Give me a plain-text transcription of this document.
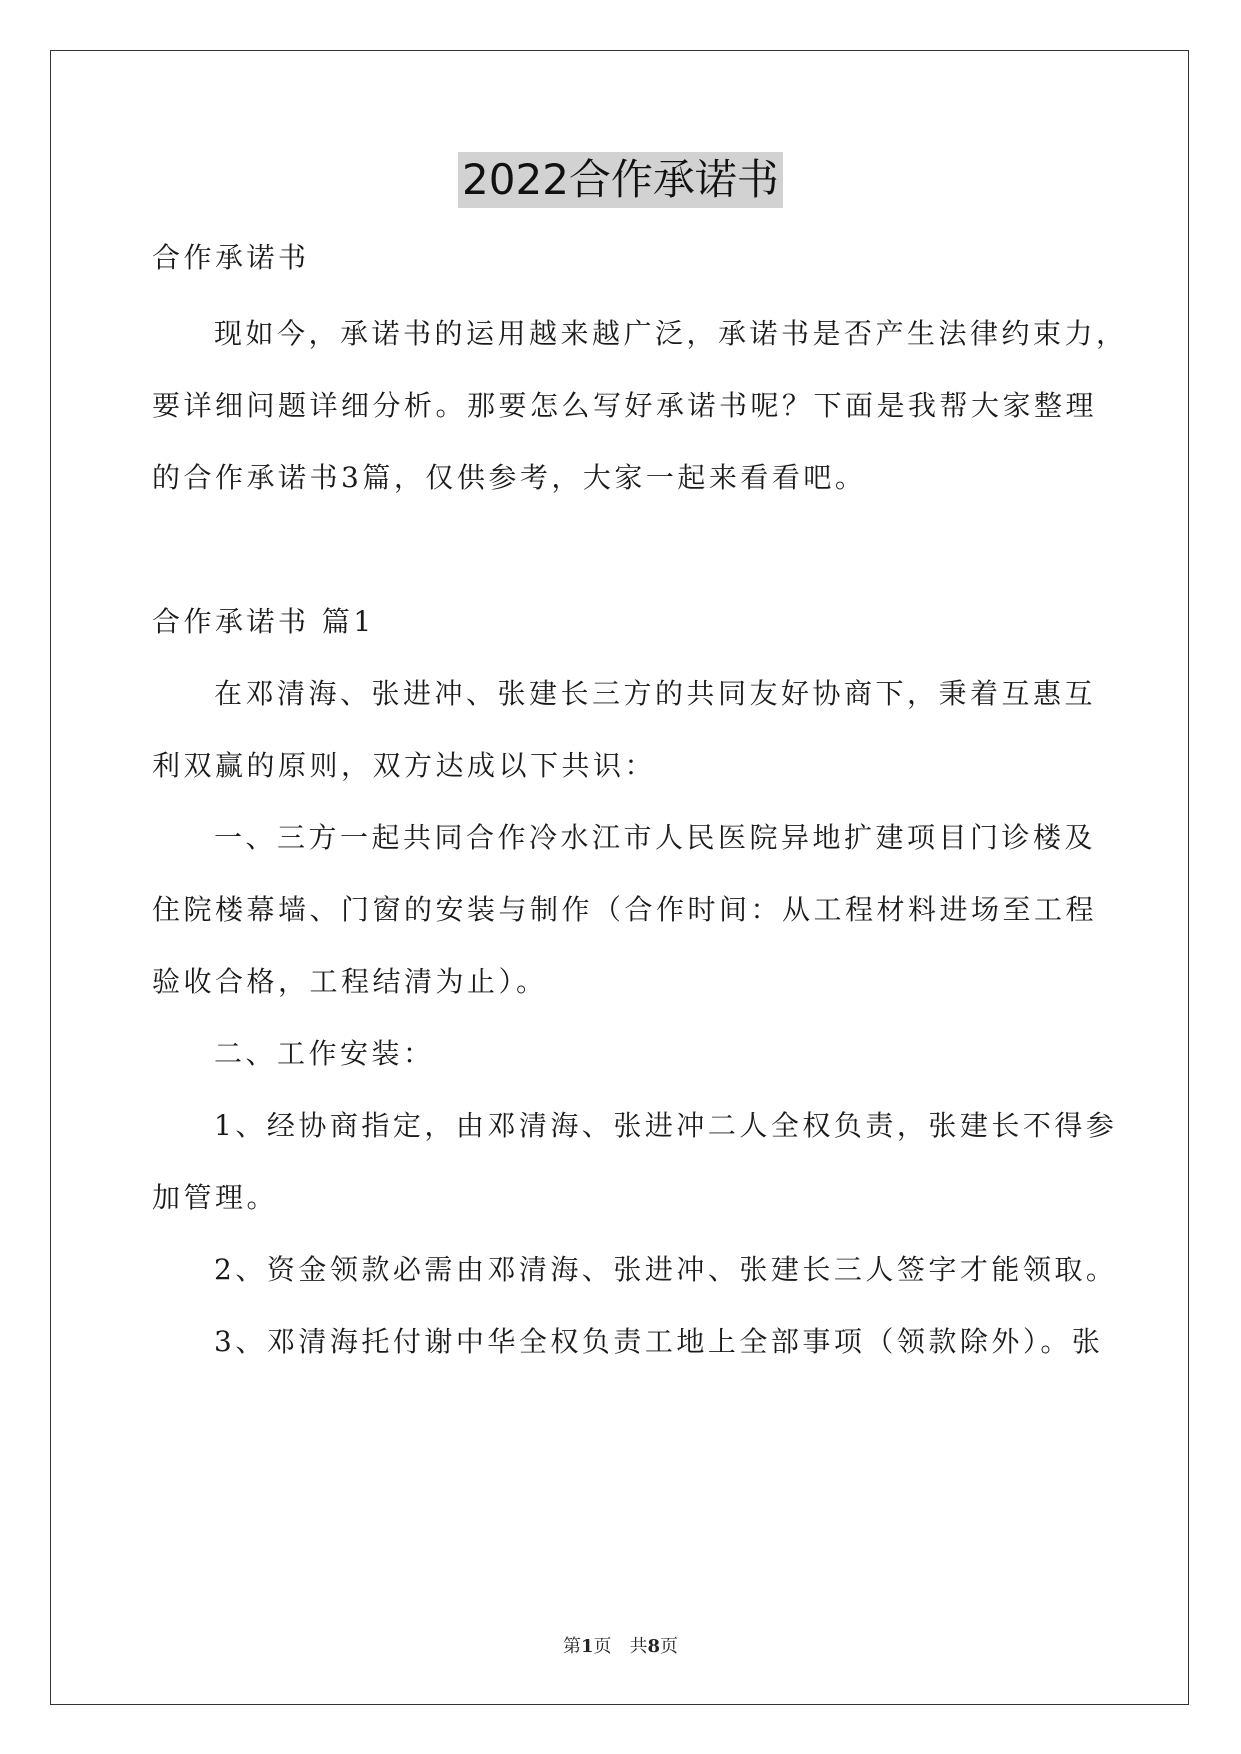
2022合作承诺书
合作承诺书
现如今，承诺书的运用越来越广泛，承诺书是否产生法律约束力，
要详细问题详细分析。那要怎么写好承诺书呢？下面是我帮大家整理
的合作承诺书3篇，仅供参考，大家一起来看看吧。
合作承诺书 篇1
在邓清海、张进冲、张建长三方的共同友好协商下，秉着互惠互
利双赢的原则，双方达成以下共识：
一、三方一起共同合作冷水江市人民医院异地扩建项目门诊楼及
住院楼幕墙、门窗的安装与制作（合作时间：从工程材料进场至工程
验收合格，工程结清为止）。
二、工作安装：
1、经协商指定，由邓清海、张进冲二人全权负责，张建长不得参
加管理。
2、资金领款必需由邓清海、张进冲、张建长三人签字才能领取。
3、邓清海托付谢中华全权负责工地上全部事项（领款除外）。张
第1页　共8页
